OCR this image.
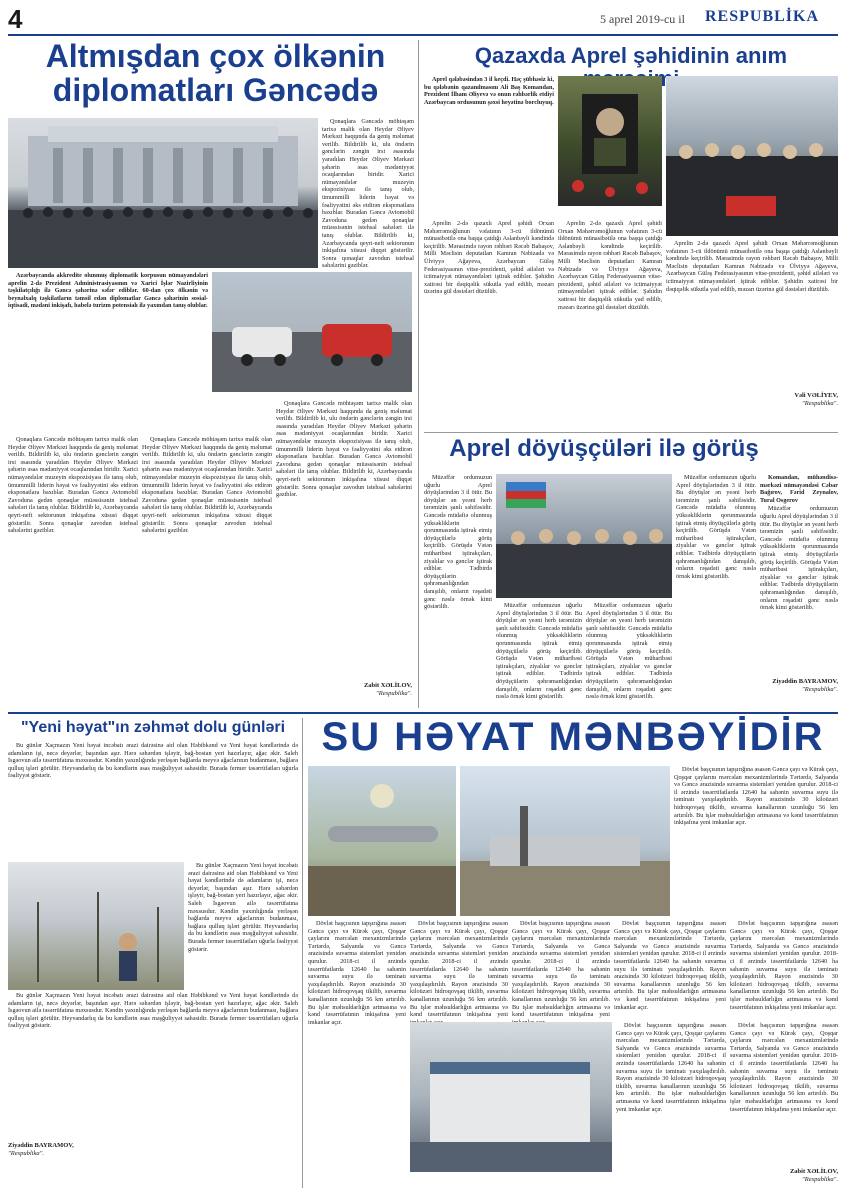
4	5 aprel 2019-cu il RESPUBLİKA
Altmışdan çox ölkənin diplomatları Gəncədə

Qonaqlara Gəncədə möhtəşəm tarixə malik olan Heydər Əliyev Mərkəzi haqqında da geniş məlumat verilib. Bildirilib ki, ulu öndərin gənclərin zəngin irsi əsasında yaradılan Heydər Əliyev Mərkəzi şəhərin əsas mədəniyyət ocaqlarından biridir. Xarici nümayəndələr muzeyin ekspozisiyası ilə tanış olub, ümummilli liderin həyat və fəaliyyətini əks etdirən eksponatlara baxıblar. Buradan Gəncə Avtomobil Zavoduna gedən qonaqlar müəssisənin istehsal sahələri ilə tanış olublar. Bildirilib ki, Azərbaycanda qeyri-neft sektorunun inkişafına xüsusi diqqət göstərilir. Sonra qonaqlar zavodun istehsal sahələrini gəziblər.

Azərbaycanda akkredite olunmuş diplomatik korpusun nümayəndələri aprelin 2-də Prezident Administrasiyasının və Xarici İşlər Nazirliyinin təşkilatçılığı ilə Gəncə şəhərinə səfər ediblər. 60-dan çox ölkənin və beynəlxalq təşkilatların təmsil edən diplomatlar Gəncə şəhərinin sosial-iqtisadi, mədəni inkişafı, habelə turizm potensialı ilə yaxından tanış olublar.

Qonaqlara Gəncədə möhtəşəm tarixə malik olan Heydər Əliyev Mərkəzi haqqında da geniş məlumat verilib. Bildirilib ki, ulu öndərin gənclərin zəngin irsi əsasında yaradılan Heydər Əliyev Mərkəzi şəhərin əsas mədəniyyət ocaqlarından biridir. Xarici nümayəndələr muzeyin ekspozisiyası ilə tanış olub, ümummilli liderin həyat və fəaliyyətini əks etdirən eksponatlara baxıblar. Buradan Gəncə Avtomobil Zavoduna gedən qonaqlar müəssisənin istehsal sahələri ilə tanış olublar. Bildirilib ki, Azərbaycanda qeyri-neft sektorunun inkişafına xüsusi diqqət göstərilir. Sonra qonaqlar zavodun istehsal sahələrini gəziblər.

Qonaqlara Gəncədə möhtəşəm tarixə malik olan Heydər Əliyev Mərkəzi haqqında da geniş məlumat verilib. Bildirilib ki, ulu öndərin gənclərin zəngin irsi əsasında yaradılan Heydər Əliyev Mərkəzi şəhərin əsas mədəniyyət ocaqlarından biridir. Xarici nümayəndələr muzeyin ekspozisiyası ilə tanış olub, ümummilli liderin həyat və fəaliyyətini əks etdirən eksponatlara baxıblar. Buradan Gəncə Avtomobil Zavoduna gedən qonaqlar müəssisənin istehsal sahələri ilə tanış olublar. Bildirilib ki, Azərbaycanda qeyri-neft sektorunun inkişafına xüsusi diqqət göstərilir. Sonra qonaqlar zavodun istehsal sahələrini gəziblər.

Qonaqlara Gəncədə möhtəşəm tarixə malik olan Heydər Əliyev Mərkəzi haqqında da geniş məlumat verilib. Bildirilib ki, ulu öndərin gənclərin zəngin irsi əsasında yaradılan Heydər Əliyev Mərkəzi şəhərin əsas mədəniyyət ocaqlarından biridir. Xarici nümayəndələr muzeyin ekspozisiyası ilə tanış olub, ümummilli liderin həyat və fəaliyyətini əks etdirən eksponatlara baxıblar. Buradan Gəncə Avtomobil Zavoduna gedən qonaqlar müəssisənin istehsal sahələri ilə tanış olublar. Bildirilib ki, Azərbaycanda qeyri-neft sektorunun inkişafına xüsusi diqqət göstərilir. Sonra qonaqlar zavodun istehsal sahələrini gəziblər.

Zabit XƏLİLOV,
"Respublika".
Qazaxda Aprel şəhidinin anım

Aprel qələbəsindən 3 il keçdi. Həç şübhəsiz ki, bu qələbənin qazanılmasını Ali Baş Komandan, Prezident İlham Əliyevə və onun rəhbərlik etdiyi Azərbaycan ordusunun şəxsi heyətinə borcluyuq.

Aprelin 2-də qazaxlı Aprel şəhidi Orxan Məhərrəmoğlunun vəfatının 3-cü ildönümü münasibətilə ona başqa çatdığı Aslanbəyli kəndində keçirilib. Mərasimdə rayon rəhbəri Rəcəb Babaşov, Milli Məclisin deputatları Kamran Nəbizadə və Ülviyyə Ağayeva, Azərbaycan Güləş Federasiyasının vitse-prezidenti, şəhid ailələri və ictimaiyyət nümayəndələri iştirak ediblər. Şəhidin xatirəsi bir dəqiqəlik sükutla yad edilib, məzarı üzərinə gül dəstələri düzülüb.

Aprelin 2-də qazaxlı Aprel şəhidi Orxan Məhərrəmoğlunun vəfatının 3-cü ildönümü münasibətilə ona başqa çatdığı Aslanbəyli kəndində keçirilib. Mərasimdə rayon rəhbəri Rəcəb Babaşov, Milli Məclisin deputatları Kamran Nəbizadə və Ülviyyə Ağayeva, Azərbaycan Güləş Federasiyasının vitse-prezidenti, şəhid ailələri və ictimaiyyət nümayəndələri iştirak ediblər. Şəhidin xatirəsi bir dəqiqəlik sükutla yad edilib, məzarı üzərinə gül dəstələri düzülüb.

Aprelin 2-də qazaxlı Aprel şəhidi Orxan Məhərrəmoğlunun vəfatının 3-cü ildönümü münasibətilə ona başqa çatdığı Aslanbəyli kəndində keçirilib. Mərasimdə rayon rəhbəri Rəcəb Babaşov, Milli Məclisin deputatları Kamran Nəbizadə və Ülviyyə Ağayeva, Azərbaycan Güləş Federasiyasının vitse-prezidenti, şəhid ailələri və ictimaiyyət nümayəndələri iştirak ediblər. Şəhidin xatirəsi bir dəqiqəlik sükutla yad edilib, məzarı üzərinə gül dəstələri düzülüb.

Vəli VƏLİYEV,
"Respublika".
Aprel döyüşçüləri ilə görüş

Müzəffər ordumuzun uğurlu Aprel döyüşlərindən 3 il ötür. Bu döyüşlər ən yeəni herb tərəmizin şanlı səhifəsidir. Gəncədə müdafiə olunmuş yüksəkliklərin qorunmasında iştirak etmiş döyüşçülərlə görüş keçirilib. Görüşdə Vətən müharibəsi iştirakçıları, ziyalılar və gənclər iştirak ediblər. Tədbirdə döyüşçülərin qəhrəmanlığından danışılıb, onların rəşadəti gənc nəslə örnək kimi göstərilib.	Müzəffər ordumuzun uğurlu Aprel döyüşlərindən 3 il ötür. Bu döyüşlər ən yeəni herb tərəmizin şanlı səhifəsidir. Gəncədə müdafiə olunmuş yüksəkliklərin qorunmasında iştirak etmiş döyüşçülərlə görüş keçirilib. Görüşdə Vətən müharibəsi iştirakçıları, ziyalılar və gənclər iştirak ediblər. Tədbirdə döyüşçülərin qəhrəmanlığından danışılıb, onların rəşadəti gənc nəslə örnək kimi göstərilib.

Müzəffər ordumuzun uğurlu Aprel döyüşlərindən 3 il ötür. Bu döyüşlər ən yeəni herb tərəmizin şanlı səhifəsidir. Gəncədə müdafiə olunmuş yüksəkliklərin qorunmasında iştirak etmiş döyüşçülərlə görüş keçirilib. Görüşdə Vətən müharibəsi iştirakçıları, ziyalılar və gənclər iştirak ediblər. Tədbirdə döyüşçülərin qəhrəmanlığından danışılıb, onların rəşadəti gənc nəslə örnək kimi göstərilib.

Müzəffər ordumuzun uğurlu Aprel döyüşlərindən 3 il ötür. Bu döyüşlər ən yeəni herb tərəmizin şanlı səhifəsidir. Gəncədə müdafiə olunmuş yüksəkliklərin qorunmasında iştirak etmiş döyüşçülərlə görüş keçirilib. Görüşdə Vətən müharibəsi iştirakçıları, ziyalılar və gənclər iştirak ediblər. Tədbirdə döyüşçülərin qəhrəmanlığından danışılıb, onların rəşadəti gənc nəslə örnək kimi göstərilib.

Komandan, mühəndisə-mərkəzi nümayəndəsi Cəbar Bağırov, Fərid Zeynalov, Tural Osgerov

Müzəffər ordumuzun uğurlu Aprel döyüşlərindən 3 il ötür. Bu döyüşlər ən yeəni herb tərəmizin şanlı səhifəsidir. Gəncədə müdafiə olunmuş yüksəkliklərin qorunmasında iştirak etmiş döyüşçülərlə görüş keçirilib. Görüşdə Vətən müharibəsi iştirakçıları, ziyalılar və gənclər iştirak ediblər. Tədbirdə döyüşçülərin qəhrəmanlığından danışılıb, onların rəşadəti gənc nəslə örnək kimi göstərilib.

Ziyəddin BAYRAMOV,
"Respublika".
"Yeni həyat"ın zəhmət dolu günləri

Bu günlər Xaçmazın Yeni həyat incəbatı ərazi dairəsinə aid olan Həbibkənd və Yeni həyat kəndlərində də adamların işi, necə deyərlər, başından aşır. Hərə səhərdən işləyir, bağ-bostan yeri hazırlayır, ağac əkir. Saleh İsgəovun ailə təsərrüfatına məxsusdur. Kəndin yaxınlığında yerləşən bağlarda meyvə ağaclarının budanması, bağlara qulluq işləri görülür. Heyvandarlıq da bu kəndlərin əsas məşğuliyyət sahəsidir. Burada fermer təsərrüfatları uğurla fəaliyyət göstərir.

Bu günlər Xaçmazın Yeni həyat incəbatı ərazi dairəsinə aid olan Həbibkənd və Yeni həyat kəndlərində də adamların işi, necə deyərlər, başından aşır. Hərə səhərdən işləyir, bağ-bostan yeri hazırlayır, ağac əkir. Saleh İsgəovun ailə təsərrüfatına məxsusdur. Kəndin yaxınlığında yerləşən bağlarda meyvə ağaclarının budanması, bağlara qulluq işləri görülür. Heyvandarlıq da bu kəndlərin əsas məşğuliyyət sahəsidir. Burada fermer təsərrüfatları uğurla fəaliyyət göstərir.

Bu günlər Xaçmazın Yeni həyat incəbatı ərazi dairəsinə aid olan Həbibkənd və Yeni həyat kəndlərində də adamların işi, necə deyərlər, başından aşır. Hərə səhərdən işləyir, bağ-bostan yeri hazırlayır, ağac əkir. Saleh İsgəovun ailə təsərrüfatına məxsusdur. Kəndin yaxınlığında yerləşən bağlarda meyvə ağaclarının budanması, bağlara qulluq işləri görülür. Heyvandarlıq da bu kəndlərin əsas məşğuliyyət sahəsidir. Burada fermer təsərrüfatları uğurla fəaliyyət göstərir.

Ziyəddin BAYRAMOV,
"Respublika".
SU HƏYAT MƏNBƏYİDİR

Dövlət başçısının tapşırığına əsasən Gəncə çayı və Kürək çayı, Qoşqar çaylarını mərcəlan mexanizmlərində Tərtərdə, Salyanda və Gəncə ərazisində suvarma sistemləri yenidən qurulur. 2018-ci il ərzində təsərrüfatlarda 12640 ha sahənin suvarma suyu ilə təminatı yaxşılaşdırılıb. Rayon ərazisində 30 kiloüzəri hidroqovşaq tikilib, suvarma kanallarının uzunluğu 56 km artırılıb. Bu işlər məhsuldarlığın artmasına və kənd təsərrüfatının inkişafına yeni imkanlar açır.

Dövlət başçısının tapşırığına əsasən Gəncə çayı və Kürək çayı, Qoşqar çaylarını mərcəlan mexanizmlərində Tərtərdə, Salyanda və Gəncə ərazisində suvarma sistemləri yenidən qurulur. 2018-ci il ərzində təsərrüfatlarda 12640 ha sahənin suvarma suyu ilə təminatı yaxşılaşdırılıb. Rayon ərazisində 30 kiloüzəri hidroqovşaq tikilib, suvarma kanallarının uzunluğu 56 km artırılıb. Bu işlər məhsuldarlığın artmasına və kənd təsərrüfatının inkişafına yeni imkanlar açır.

Dövlət başçısının tapşırığına əsasən Gəncə çayı və Kürək çayı, Qoşqar çaylarını mərcəlan mexanizmlərində Tərtərdə, Salyanda və Gəncə ərazisində suvarma sistemləri yenidən qurulur. 2018-ci il ərzində təsərrüfatlarda 12640 ha sahənin suvarma suyu ilə təminatı yaxşılaşdırılıb. Rayon ərazisində 30 kiloüzəri hidroqovşaq tikilib, suvarma kanallarının uzunluğu 56 km artırılıb. Bu işlər məhsuldarlığın artmasına və kənd təsərrüfatının inkişafına yeni

Dövlət başçısının tapşırığına əsasən Gəncə çayı və Kürək çayı, Qoşqar çaylarını mərcəlan mexanizmlərində Tərtərdə, Salyanda və Gəncə ərazisində suvarma sistemləri yenidən qurulur. 2018-ci il ərzində təsərrüfatlarda 12640 ha sahənin suvarma suyu ilə təminatı yaxşılaşdırılıb. Rayon ərazisində 30 kiloüzəri hidroqovşaq tikilib, suvarma kanallarının uzunluğu 56 km artırılıb. Bu işlər məhsuldarlığın artmasına və kənd təsərrüfatının inkişafına yeni

Dövlət başçısının tapşırığına əsasən Gəncə çayı və Kürək çayı, Qoşqar çaylarını mərcəlan mexanizmlərində Tərtərdə, Salyanda və Gəncə ərazisində suvarma sistemləri yenidən qurulur. 2018-ci il ərzində təsərrüfatlarda 12640 ha sahənin suvarma suyu ilə təminatı yaxşılaşdırılıb. Rayon ərazisində 30 kiloüzəri hidroqovşaq tikilib, suvarma kanallarının uzunluğu 56 km artırılıb. Bu işlər məhsuldarlığın artmasına və kənd təsərrüfatının inkişafına yeni imkanlar açır.

Dövlət başçısının tapşırığına əsasən Gəncə çayı və Kürək çayı, Qoşqar çaylarını mərcəlan mexanizmlərində Tərtərdə, Salyanda və Gəncə ərazisində suvarma sistemləri yenidən qurulur. 2018-ci il ərzində təsərrüfatlarda 12640 ha sahənin suvarma suyu ilə təminatı yaxşılaşdırılıb. Rayon ərazisində 30 kiloüzəri hidroqovşaq tikilib, suvarma kanallarının uzunluğu 56 km artırılıb. Bu işlər məhsuldarlığın artmasına və kənd təsərrüfatının inkişafına yeni imkanlar açır.

Dövlət başçısının tapşırığına əsasən Gəncə çayı və Kürək çayı, Qoşqar çaylarını mərcəlan mexanizmlərində Tərtərdə, Salyanda və Gəncə ərazisində suvarma sistemləri yenidən qurulur. 2018-ci il ərzində təsərrüfatlarda 12640 ha sahənin suvarma suyu ilə təminatı yaxşılaşdırılıb. Rayon ərazisində 30 kiloüzəri hidroqovşaq tikilib, suvarma kanallarının uzunluğu 56 km artırılıb. Bu işlər məhsuldarlığın artmasına və kənd təsərrüfatının inkişafına yeni imkanlar açır.

Dövlət başçısının tapşırığına əsasən Gəncə çayı və Kürək çayı, Qoşqar çaylarını mərcəlan mexanizmlərində Tərtərdə, Salyanda və Gəncə ərazisində suvarma sistemləri yenidən qurulur. 2018-ci il ərzində təsərrüfatlarda 12640 ha sahənin suvarma suyu ilə təminatı yaxşılaşdırılıb. Rayon ərazisində 30 kiloüzəri hidroqovşaq tikilib, suvarma kanallarının uzunluğu 56 km artırılıb. Bu işlər məhsuldarlığın artmasına və kənd təsərrüfatının inkişafına yeni imkanlar açır.

Zabit XƏLİLOV,
"Respublika".
